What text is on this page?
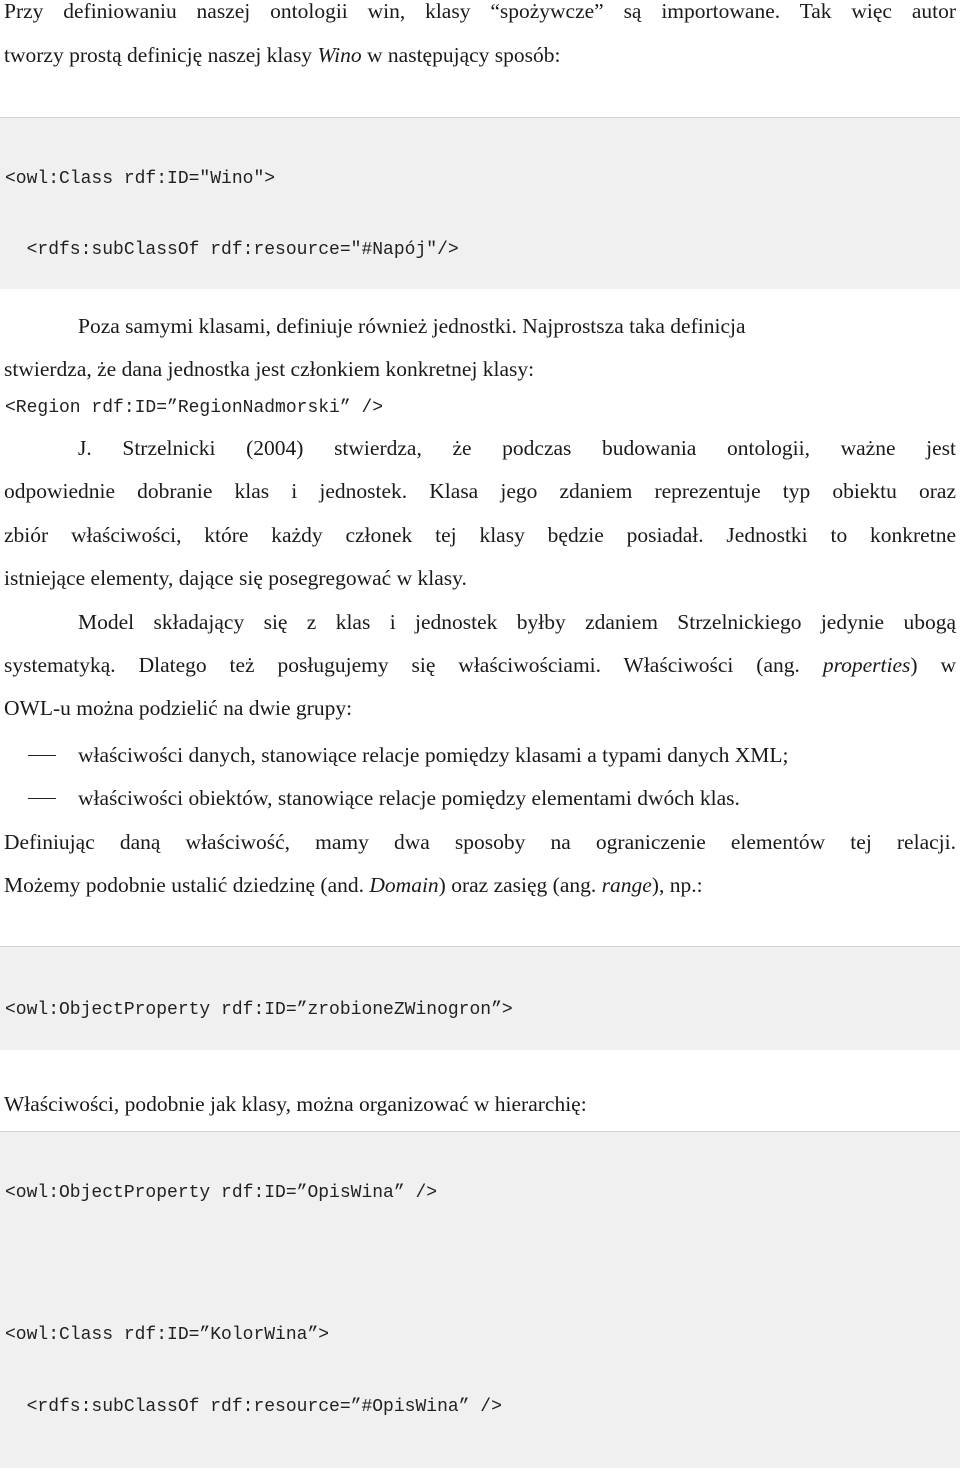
Przy definiowaniu naszej ontologii win, klasy “spożywcze” są importowane. Tak więc autor
tworzy prostą definicję naszej klasy Wino w następujący sposób:

<owl:Class rdf:ID="Wino">

<rdfs:subClassOf rdf:resource="#Napój"/>

Poza samymi klasami, definiuje również jednostki. Najprostsza taka definicja
stwierdza, że dana jednostka jest członkiem konkretnej klasy:
<Region rdf:ID=”RegionNadmorski” />
J. Strzelnicki (2004) stwierdza, że podczas budowania ontologii, ważne jest
odpowiednie dobranie klas i jednostek. Klasa jego zdaniem reprezentuje typ obiektu oraz
zbiór właściwości, które każdy członek tej klasy będzie posiadał. Jednostki to konkretne
istniejące elementy, dające się posegregować w klasy.
Model składający się z klas i jednostek byłby zdaniem Strzelnickiego jedynie ubogą
systematyką. Dlatego też posługujemy się właściwościami. Właściwości (ang. properties) w
OWL-u można podzielić na dwie grupy:
właściwości danych, stanowiące relacje pomiędzy klasami a typami danych XML;
właściwości obiektów, stanowiące relacje pomiędzy elementami dwóch klas.
Definiując daną właściwość, mamy dwa sposoby na ograniczenie elementów tej relacji.
Możemy podobnie ustalić dziedzinę (and. Domain) oraz zasięg (ang. range), np.:

<owl:ObjectProperty rdf:ID=”zrobioneZWinogron”>

Właściwości, podobnie jak klasy, można organizować w hierarchię:

<owl:ObjectProperty rdf:ID=”OpisWina” />

<owl:Class rdf:ID=”KolorWina”>

<rdfs:subClassOf rdf:resource=”#OpisWina” />
